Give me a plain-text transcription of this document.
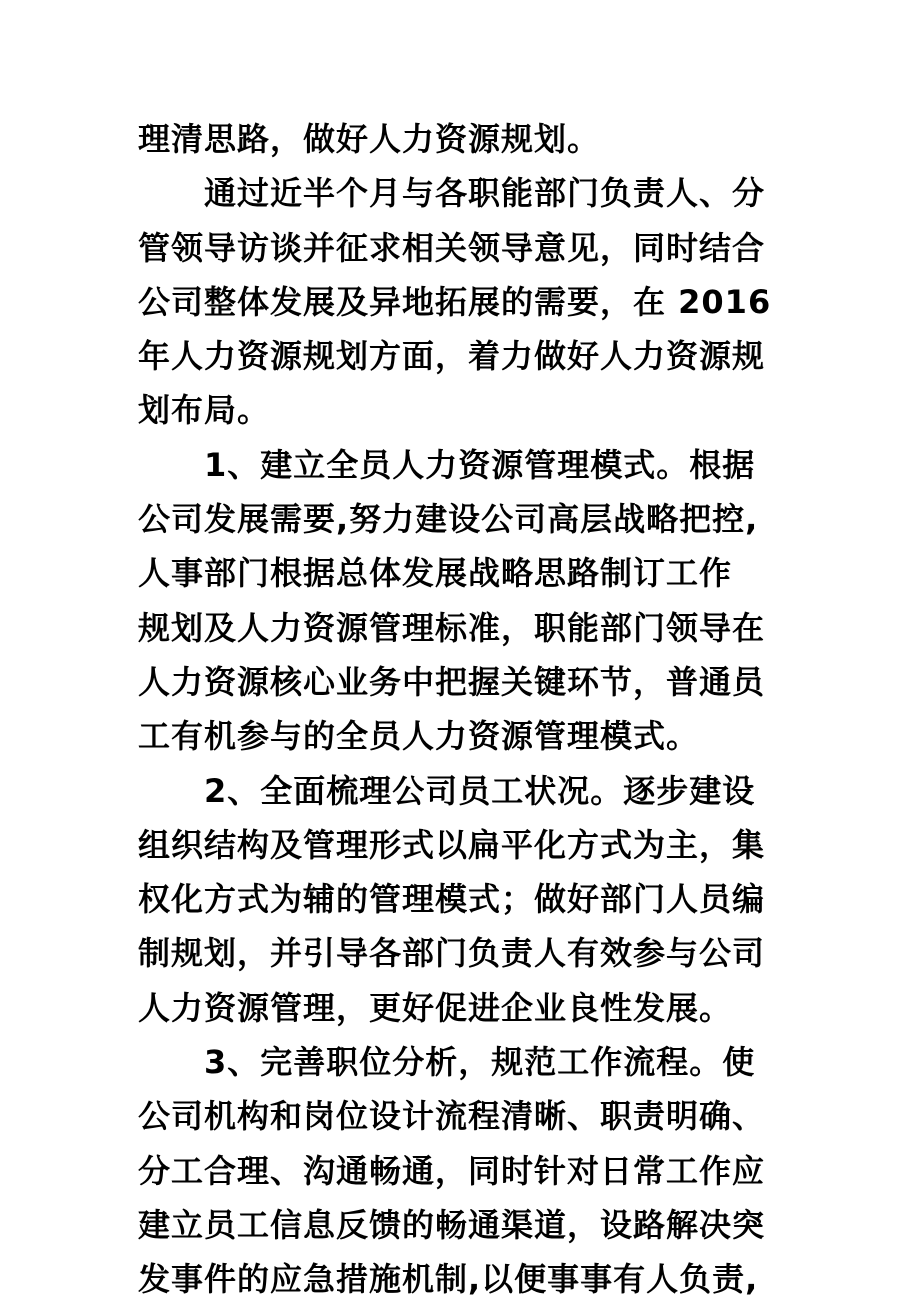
理清思路，做好人力资源规划。
通过近半个月与各职能部门负责人、分
管领导访谈并征求相关领导意见，同时结合
公司整体发展及异地拓展的需要，在 2016
年人力资源规划方面，着力做好人力资源规
划布局。
1、建立全员人力资源管理模式。根据
公司发展需要,努力建设公司高层战略把控,
人事部门根据总体发展战略思路制订工作
规划及人力资源管理标准，职能部门领导在
人力资源核心业务中把握关键环节，普通员
工有机参与的全员人力资源管理模式。
2、全面梳理公司员工状况。逐步建设
组织结构及管理形式以扁平化方式为主，集
权化方式为辅的管理模式；做好部门人员编
制规划，并引导各部门负责人有效参与公司
人力资源管理，更好促进企业良性发展。
3、完善职位分析，规范工作流程。使
公司机构和岗位设计流程清晰、职责明确、
分工合理、沟通畅通，同时针对日常工作应
建立员工信息反馈的畅通渠道，设路解决突
发事件的应急措施机制,以便事事有人负责,
